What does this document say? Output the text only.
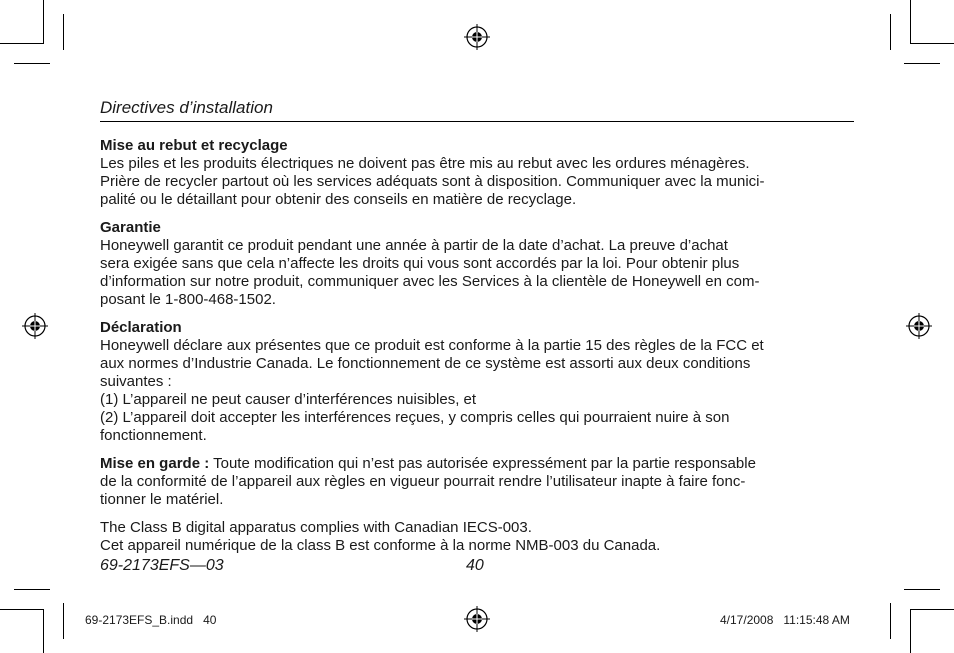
Directives d’installation
Mise au rebut et recyclage

Les piles et les produits électriques ne doivent pas être mis au rebut avec les ordures ménagères.

Prière de recycler partout où les services adéquats sont à disposition. Communiquer avec la munici-

palité ou le détaillant pour obtenir des conseils en matière de recyclage.

Garantie

Honeywell garantit ce produit pendant une année à partir de la date d’achat. La preuve d’achat

sera exigée sans que cela n’affecte les droits qui vous sont accordés par la loi. Pour obtenir plus

d’information sur notre produit, communiquer avec les Services à la clientèle de Honeywell en com-

posant le 1-800-468-1502.

Déclaration

Honeywell déclare aux présentes que ce produit est conforme à la partie 15 des règles de la FCC et

aux normes d’Industrie Canada. Le fonctionnement de ce système est assorti aux deux conditions

suivantes :

(1) L’appareil ne peut causer d’interférences nuisibles, et

(2) L’appareil doit accepter les interférences reçues, y compris celles qui pourraient nuire à son

fonctionnement.

Mise en garde : Toute modification qui n’est pas autorisée expressément par la partie responsable

de la conformité de l’appareil aux règles en vigueur pourrait rendre l’utilisateur inapte à faire fonc-

tionner le matériel.

The Class B digital apparatus complies with Canadian IECS-003.

Cet appareil numérique de la class B est conforme à la norme NMB-003 du Canada.

69-2173EFS—03	40
69-2173EFS_B.indd   40	4/17/2008   11:15:48 AM
